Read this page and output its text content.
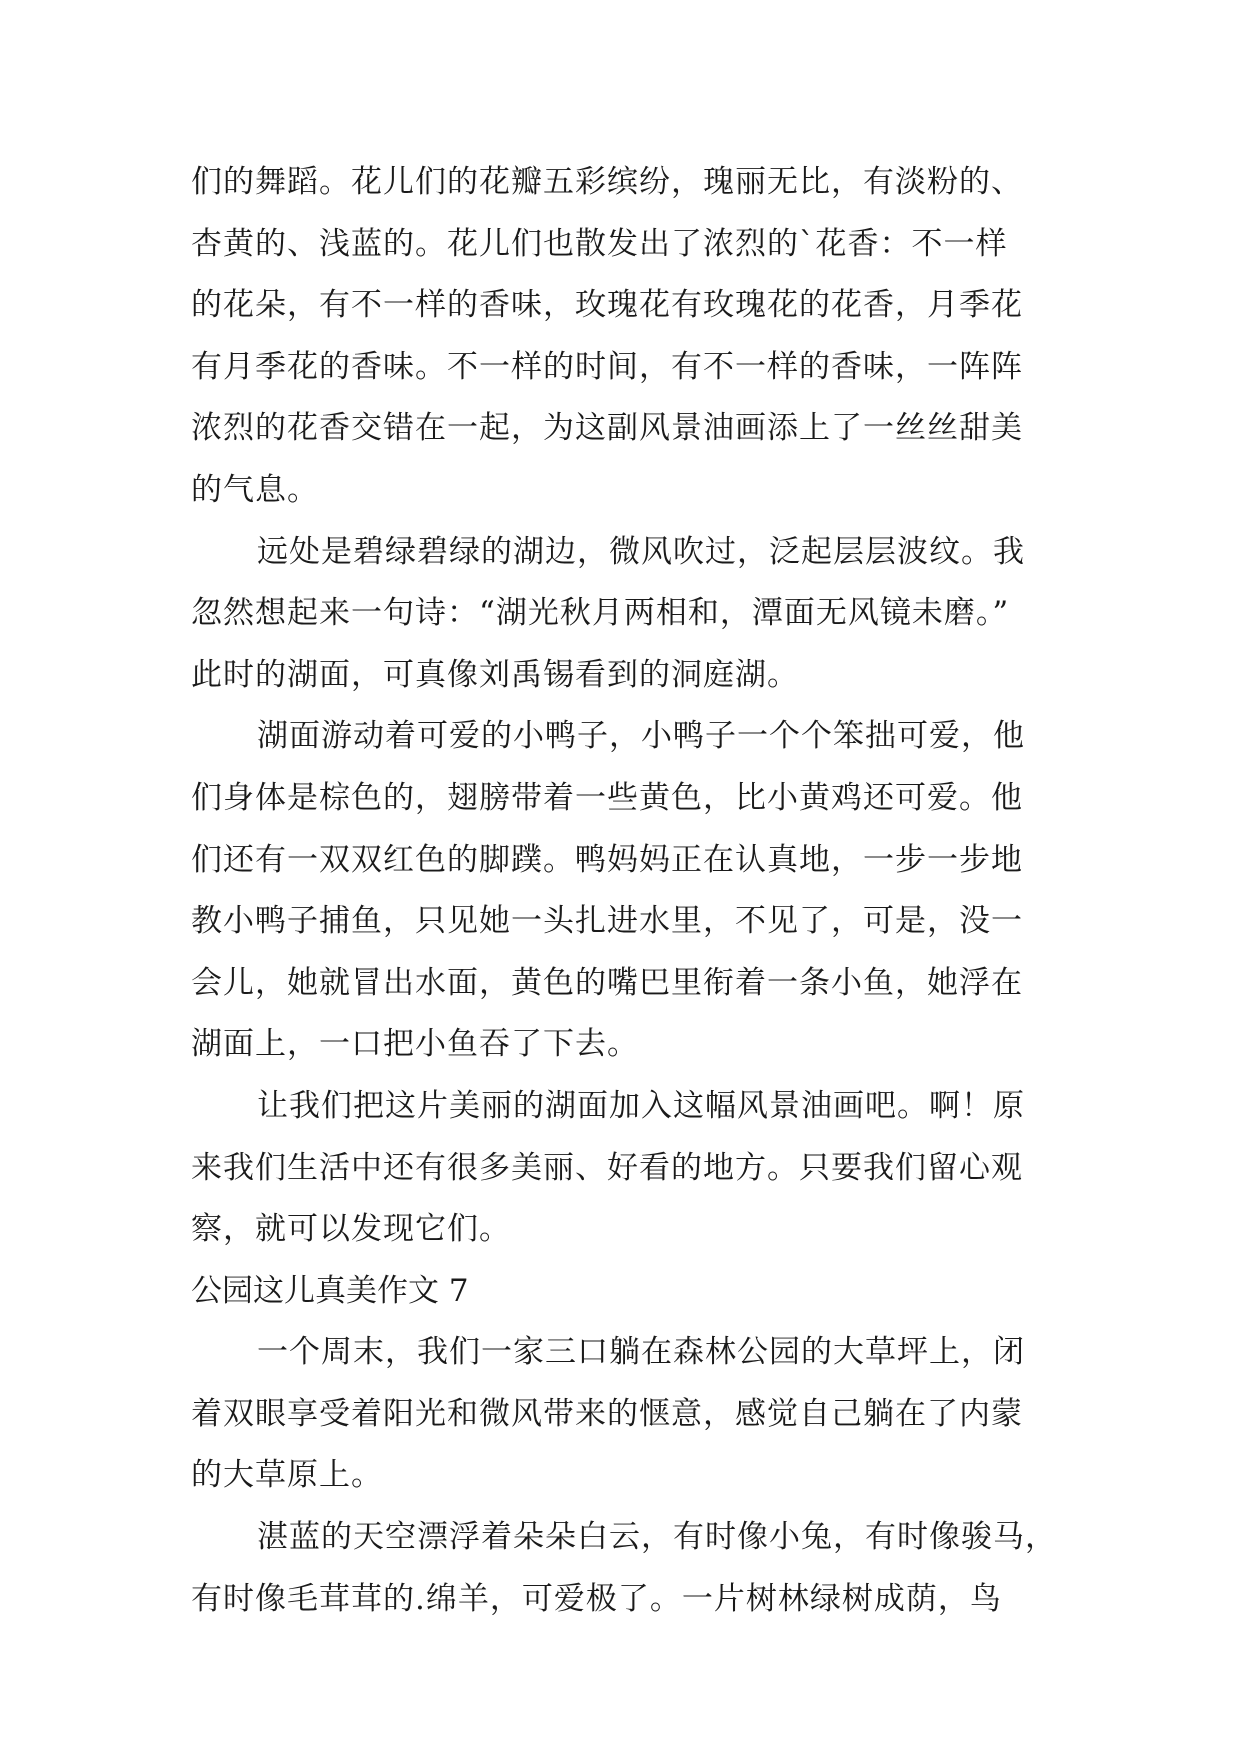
们的舞蹈。花儿们的花瓣五彩缤纷，瑰丽无比，有淡粉的、
杏黄的、浅蓝的。花儿们也散发出了浓烈的`花香：不一样
的花朵，有不一样的香味，玫瑰花有玫瑰花的花香，月季花
有月季花的香味。不一样的时间，有不一样的香味，一阵阵
浓烈的花香交错在一起，为这副风景油画添上了一丝丝甜美
的气息。
远处是碧绿碧绿的湖边，微风吹过，泛起层层波纹。我
忽然想起来一句诗：“湖光秋月两相和，潭面无风镜未磨。”
此时的湖面，可真像刘禹锡看到的洞庭湖。
湖面游动着可爱的小鸭子，小鸭子一个个笨拙可爱，他
们身体是棕色的，翅膀带着一些黄色，比小黄鸡还可爱。他
们还有一双双红色的脚蹼。鸭妈妈正在认真地，一步一步地
教小鸭子捕鱼，只见她一头扎进水里，不见了，可是，没一
会儿，她就冒出水面，黄色的嘴巴里衔着一条小鱼，她浮在
湖面上，一口把小鱼吞了下去。
让我们把这片美丽的湖面加入这幅风景油画吧。啊！原
来我们生活中还有很多美丽、好看的地方。只要我们留心观
察，就可以发现它们。
公园这儿真美作文 7
一个周末，我们一家三口躺在森林公园的大草坪上，闭
着双眼享受着阳光和微风带来的惬意，感觉自己躺在了内蒙
的大草原上。
湛蓝的天空漂浮着朵朵白云，有时像小兔，有时像骏马，
有时像毛茸茸的.绵羊，可爱极了。一片树林绿树成荫，鸟
